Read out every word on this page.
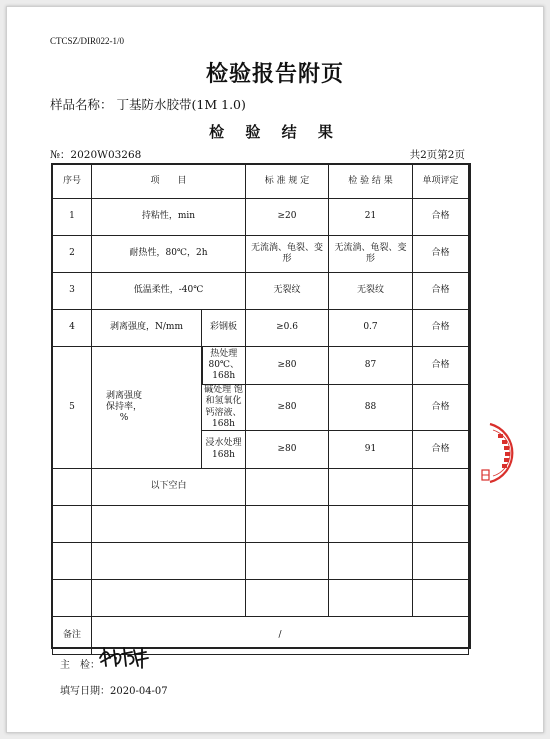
CTCSZ/DIR022-1/0
检验报告附页
样品名称： 丁基防水胶带(1M 1.0)
检 验 结 果
№：2020W03268	共2页第2页
序号	项　　目		标 准 规 定	检 验 结 果	单项评定
1	持粘性，min		≥20	21	合格
2	耐热性，80℃，2h		无流淌、龟裂、变形	无流淌、龟裂、变形	合格
3	低温柔性，-40℃		无裂纹	无裂纹	合格
4	剥离强度，N/mm	彩钢板	≥0.6	0.7	合格
5	剥离强度保持率，%	热处理 80℃、168h	≥80	87	合格
		碱处理 饱和氢氧化钙溶液、168h	≥80	88	合格
		浸水处理 168h	≥80	91	合格
	以下空白				

备注	/				
主　检：
填写日期：2020-04-07
